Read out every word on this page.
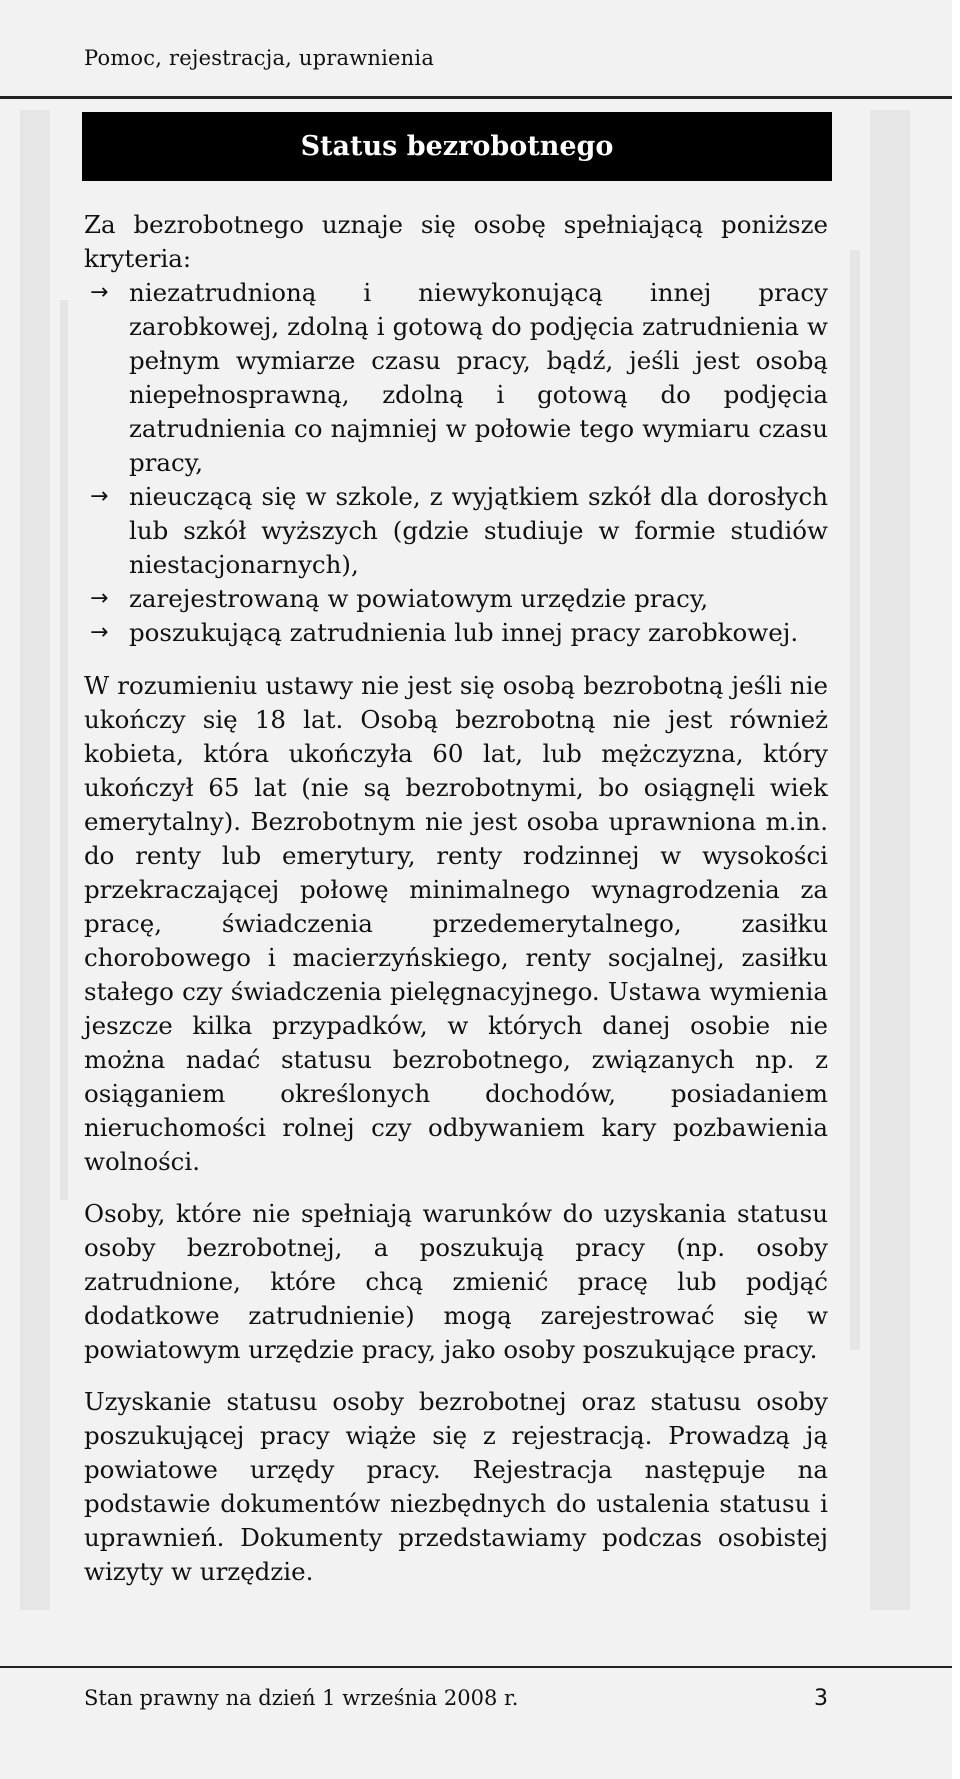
Pomoc, rejestracja, uprawnienia
Status bezrobotnego

Za bezrobotnego uznaje się osobę spełniającą poniższe kryteria:

→ niezatrudnioną i niewykonującą innej pracy zarobkowej, zdolną i gotową do podjęcia zatrudnienia w pełnym wymiarze czasu pracy, bądź, jeśli jest osobą niepełnosprawną, zdolną i gotową do podjęcia zatrudnienia co najmniej w połowie tego wymiaru czasu pracy,
→ nieuczącą się w szkole, z wyjątkiem szkół dla dorosłych lub szkół wyższych (gdzie studiuje w formie studiów niestacjonarnych),
→ zarejestrowaną w powiatowym urzędzie pracy,
→ poszukującą zatrudnienia lub innej pracy zarobkowej.

W rozumieniu ustawy nie jest się osobą bezrobotną jeśli nie ukończy się 18 lat. Osobą bezrobotną nie jest również kobieta, która ukończyła 60 lat, lub mężczyzna, który ukończył 65 lat (nie są bezrobotnymi, bo osiągnęli wiek emerytalny). Bezrobotnym nie jest osoba uprawniona m.in. do renty lub emerytury, renty rodzinnej w wysokości przekraczającej połowę minimalnego wynagrodzenia za pracę, świadczenia przedemerytalnego, zasiłku chorobowego i macierzyńskiego, renty socjalnej, zasiłku stałego czy świadczenia pielęgnacyjnego. Ustawa wymienia jeszcze kilka przypadków, w których danej osobie nie można nadać statusu bezrobotnego, związanych np. z osiąganiem określonych dochodów, posiadaniem nieruchomości rolnej czy odbywaniem kary pozbawienia wolności.

Osoby, które nie spełniają warunków do uzyskania statusu osoby bezrobotnej, a poszukują pracy (np. osoby zatrudnione, które chcą zmienić pracę lub podjąć dodatkowe zatrudnienie) mogą zarejestrować się w powiatowym urzędzie pracy, jako osoby poszukujące pracy.

Uzyskanie statusu osoby bezrobotnej oraz statusu osoby poszukującej pracy wiąże się z rejestracją. Prowadzą ją powiatowe urzędy pracy. Rejestracja następuje na podstawie dokumentów niezbędnych do ustalenia statusu i uprawnień. Dokumenty przedstawiamy podczas osobistej wizyty w urzędzie.

Stan prawny na dzień 1 września 2008 r.	3
